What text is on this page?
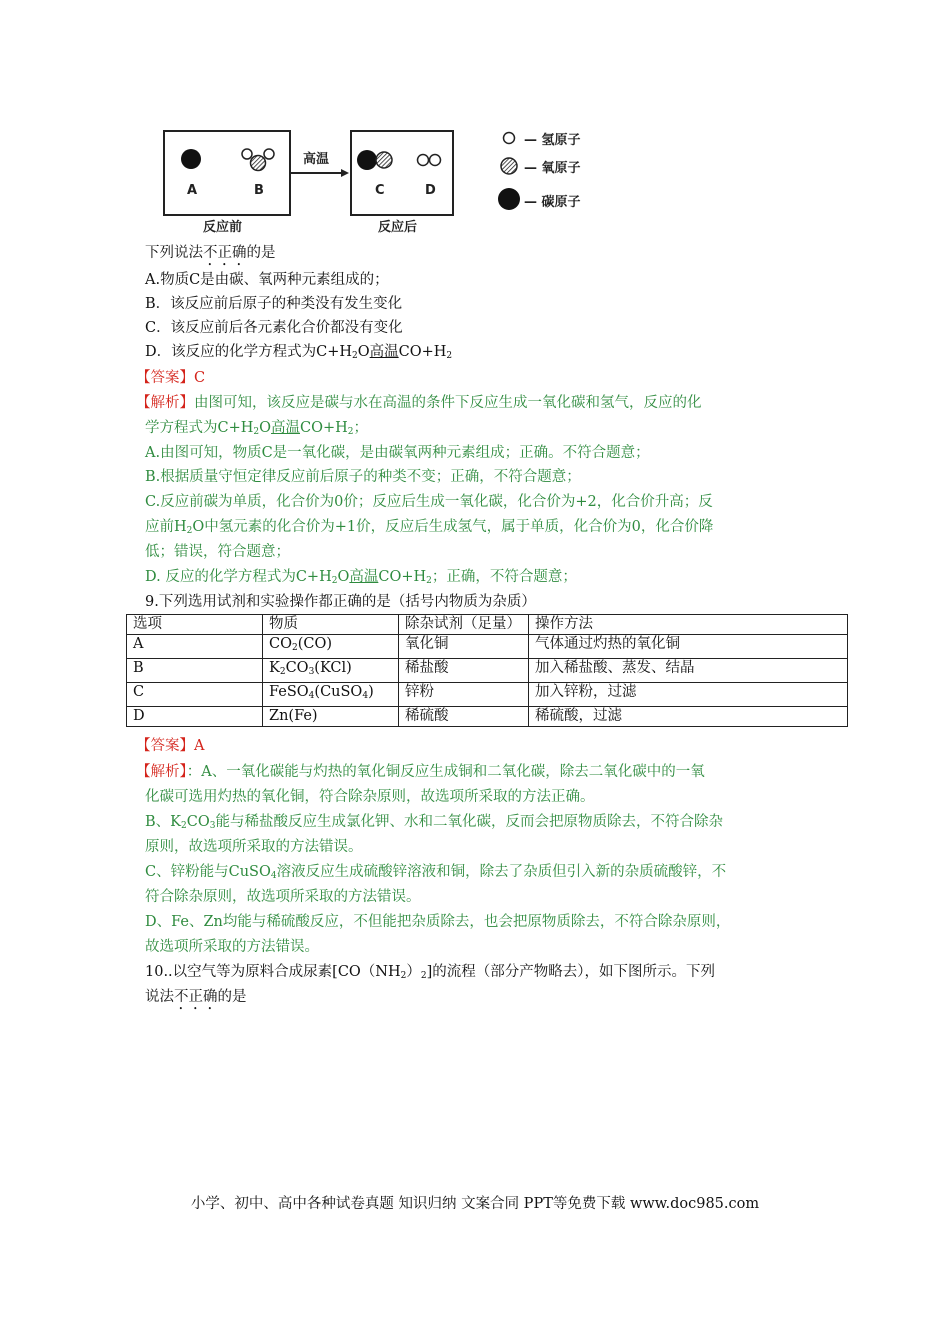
高温
A	B	C	D
反应前	反应后
— 氢原子
— 氧原子
— 碳原子
下列说法不正确的是
A.物质C是由碳、氧两种元素组成的；
B．该反应前后原子的种类没有发生变化
C．该反应前后各元素化合价都没有变化
D．该反应的化学方程式为$C+H_2O$高温$CO+H_2$
【答案】C
【解析】由图可知，该反应是碳与水在高温的条件下反应生成一氧化碳和氢气，反应的化
学方程式为$C+H_2O$高温$CO+H_2$；
A.由图可知，物质C是一氧化碳，是由碳氧两种元素组成；正确。不符合题意；
B.根据质量守恒定律反应前后原子的种类不变；正确，不符合题意；
C.反应前碳为单质，化合价为0价；反应后生成一氧化碳，化合价为+2，化合价升高；反
应前$H_2O$中氢元素的化合价为+1价，反应后生成氢气，属于单质，化合价为0，化合价降
低；错误，符合题意；
D. 反应的化学方程式为$C+H_2O$高温$CO+H_2$；正确，不符合题意；
9.下列选用试剂和实验操作都正确的是（括号内物质为杂质）
选项	物质	除杂试剂（足量）	操作方法
A	$CO_2(CO)$	氧化铜	气体通过灼热的氧化铜
B	$K_2CO_3(KCl)$	稀盐酸	加入稀盐酸、蒸发、结晶
C	FeSO$_4$(CuSO$_4$)	锌粉	加入锌粉，过滤
D	Zn(Fe)	稀硫酸	稀硫酸，过滤
【答案】A
【解析】：A、一氧化碳能与灼热的氧化铜反应生成铜和二氧化碳，除去二氧化碳中的一氧
化碳可选用灼热的氧化铜，符合除杂原则，故选项所采取的方法正确。
B、$K_2CO_3$能与稀盐酸反应生成氯化钾、水和二氧化碳，反而会把原物质除去，不符合除杂
原则，故选项所采取的方法错误。
C、锌粉能与CuSO$_4$溶液反应生成硫酸锌溶液和铜，除去了杂质但引入新的杂质硫酸锌，不
符合除杂原则，故选项所采取的方法错误。
D、Fe、Zn均能与稀硫酸反应，不但能把杂质除去，也会把原物质除去，不符合除杂原则，
故选项所采取的方法错误。
10..以空气等为原料合成尿素$[CO(NH_2)_2]$的流程（部分产物略去），如下图所示。下列
说法不正确的是
小学、初中、高中各种试卷真题 知识归纳 文案合同 PPT等免费下载 www.doc985.com
